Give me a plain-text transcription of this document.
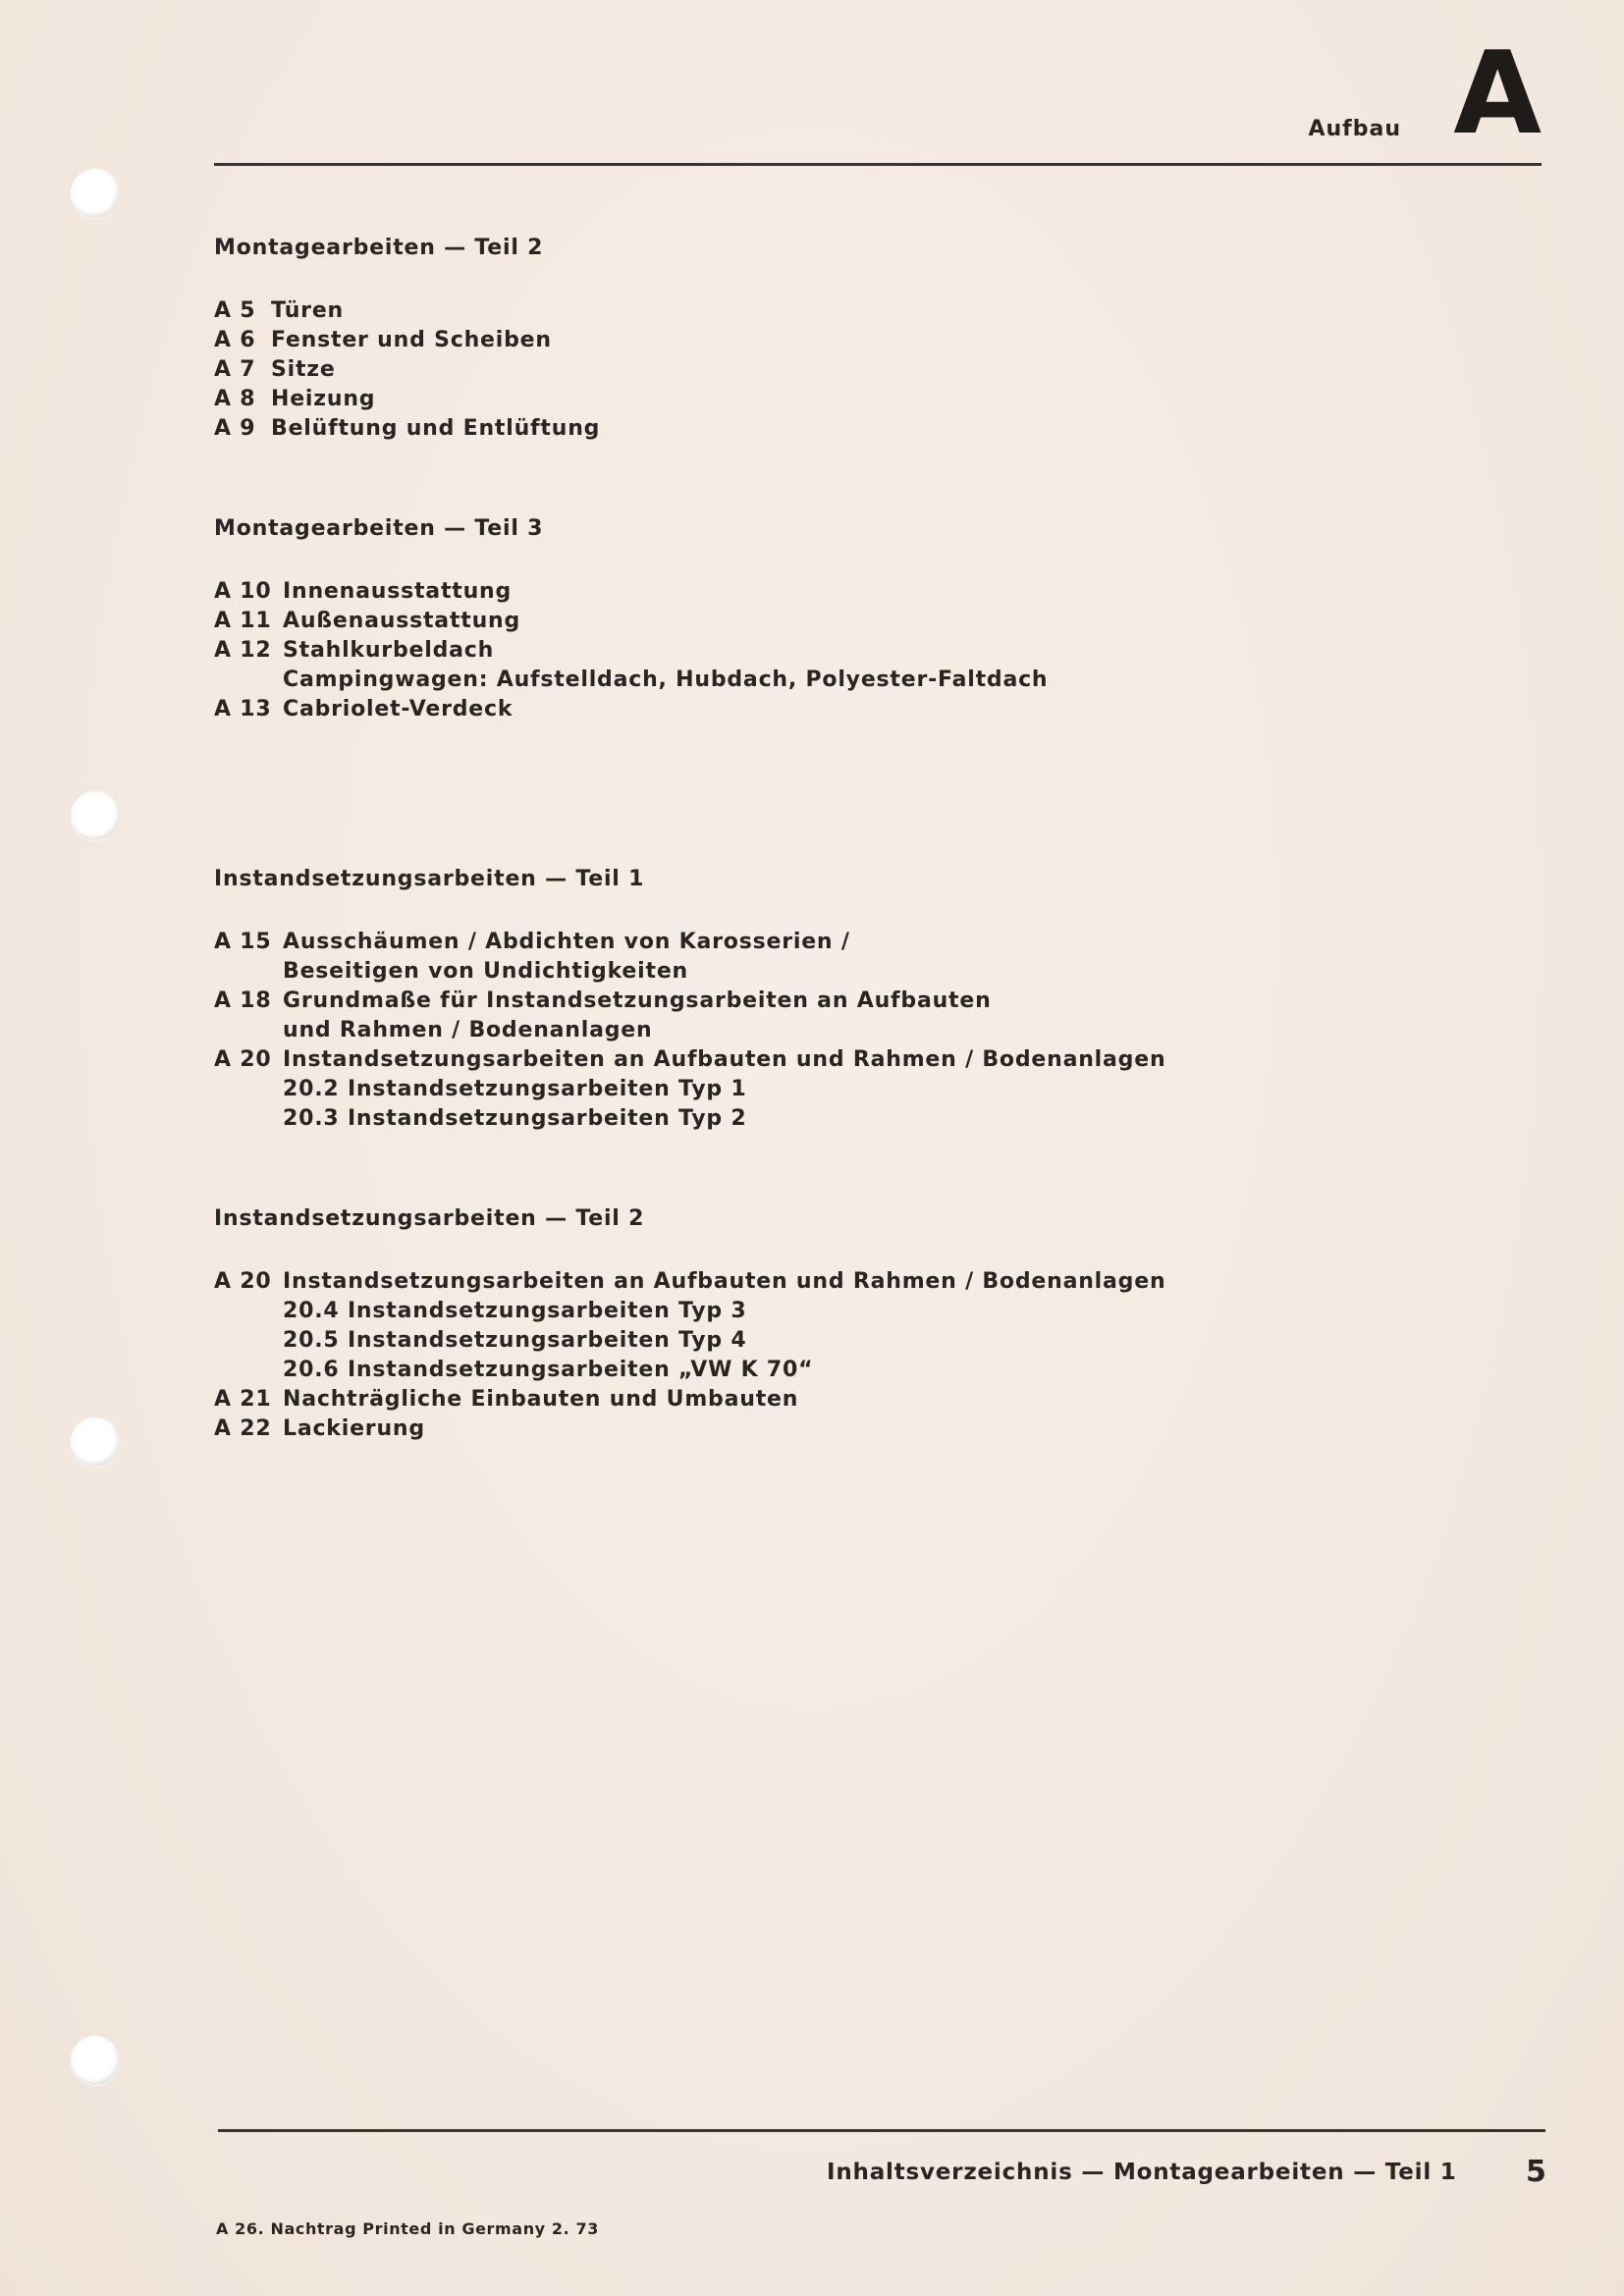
Aufbau A
Montagearbeiten — Teil 2
A 5 Türen
A 6 Fenster und Scheiben
A 7 Sitze
A 8 Heizung
A 9 Belüftung und Entlüftung
Montagearbeiten — Teil 3
A 10 Innenausstattung
A 11 Außenausstattung
A 12 Stahlkurbeldach
Campingwagen: Aufstelldach, Hubdach, Polyester-Faltdach
A 13 Cabriolet-Verdeck
Instandsetzungsarbeiten — Teil 1
A 15 Ausschäumen / Abdichten von Karosserien /
Beseitigen von Undichtigkeiten
A 18 Grundmaße für Instandsetzungsarbeiten an Aufbauten
und Rahmen / Bodenanlagen
A 20 Instandsetzungsarbeiten an Aufbauten und Rahmen / Bodenanlagen
20.2 Instandsetzungsarbeiten Typ 1
20.3 Instandsetzungsarbeiten Typ 2
Instandsetzungsarbeiten — Teil 2
A 20 Instandsetzungsarbeiten an Aufbauten und Rahmen / Bodenanlagen
20.4 Instandsetzungsarbeiten Typ 3
20.5 Instandsetzungsarbeiten Typ 4
20.6 Instandsetzungsarbeiten „VW K 70“
A 21 Nachträgliche Einbauten und Umbauten
A 22 Lackierung
Inhaltsverzeichnis — Montagearbeiten — Teil 1 5
A 26. Nachtrag Printed in Germany 2. 73
